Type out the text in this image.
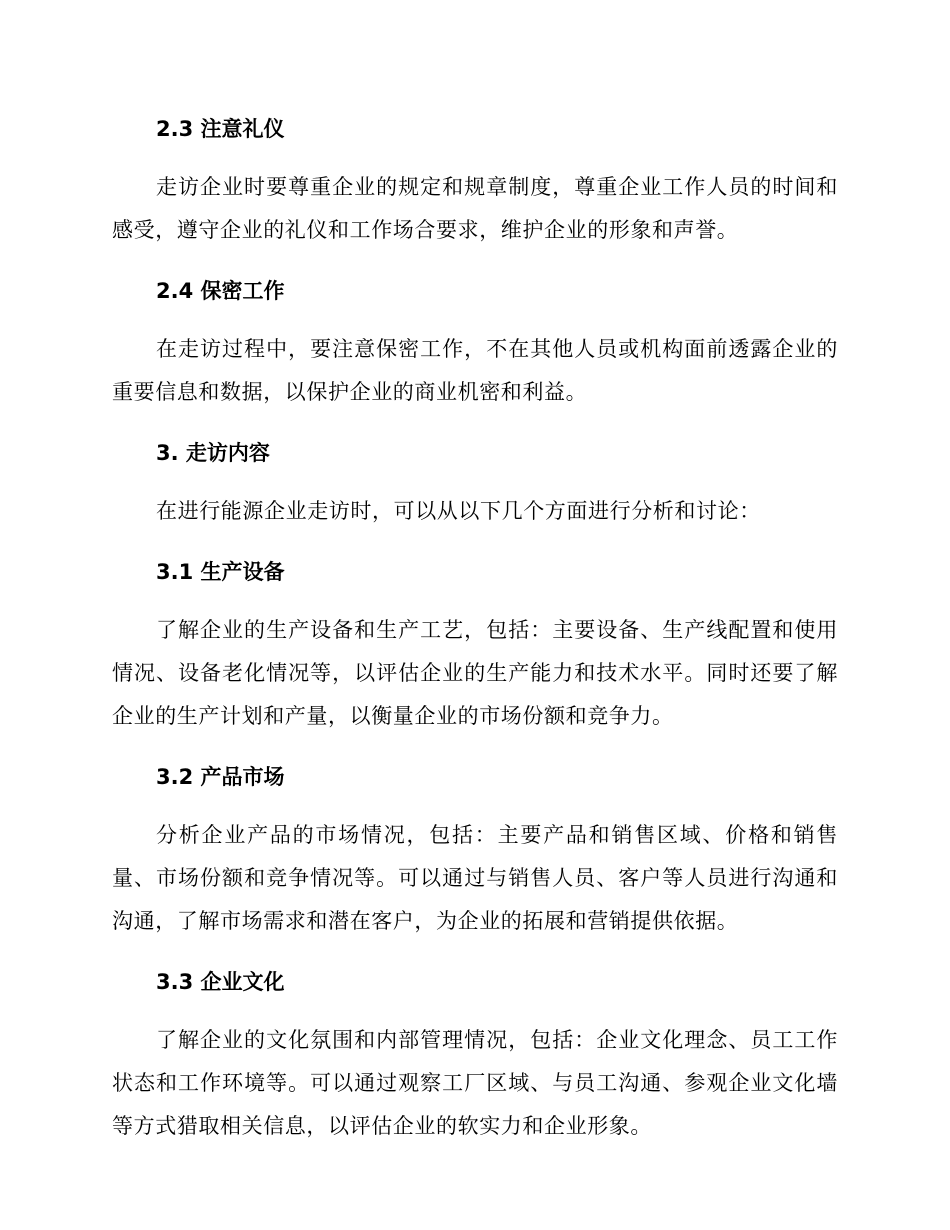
2.3 注意礼仪

走访企业时要尊重企业的规定和规章制度，尊重企业工作人员的时间和感受，遵守企业的礼仪和工作场合要求，维护企业的形象和声誉。

2.4 保密工作

在走访过程中，要注意保密工作，不在其他人员或机构面前透露企业的重要信息和数据，以保护企业的商业机密和利益。

3. 走访内容

在进行能源企业走访时，可以从以下几个方面进行分析和讨论：

3.1 生产设备

了解企业的生产设备和生产工艺，包括：主要设备、生产线配置和使用情况、设备老化情况等，以评估企业的生产能力和技术水平。同时还要了解企业的生产计划和产量，以衡量企业的市场份额和竞争力。

3.2 产品市场

分析企业产品的市场情况，包括：主要产品和销售区域、价格和销售量、市场份额和竞争情况等。可以通过与销售人员、客户等人员进行沟通和沟通，了解市场需求和潜在客户，为企业的拓展和营销提供依据。

3.3 企业文化

了解企业的文化氛围和内部管理情况，包括：企业文化理念、员工工作状态和工作环境等。可以通过观察工厂区域、与员工沟通、参观企业文化墙等方式猎取相关信息，以评估企业的软实力和企业形象。
